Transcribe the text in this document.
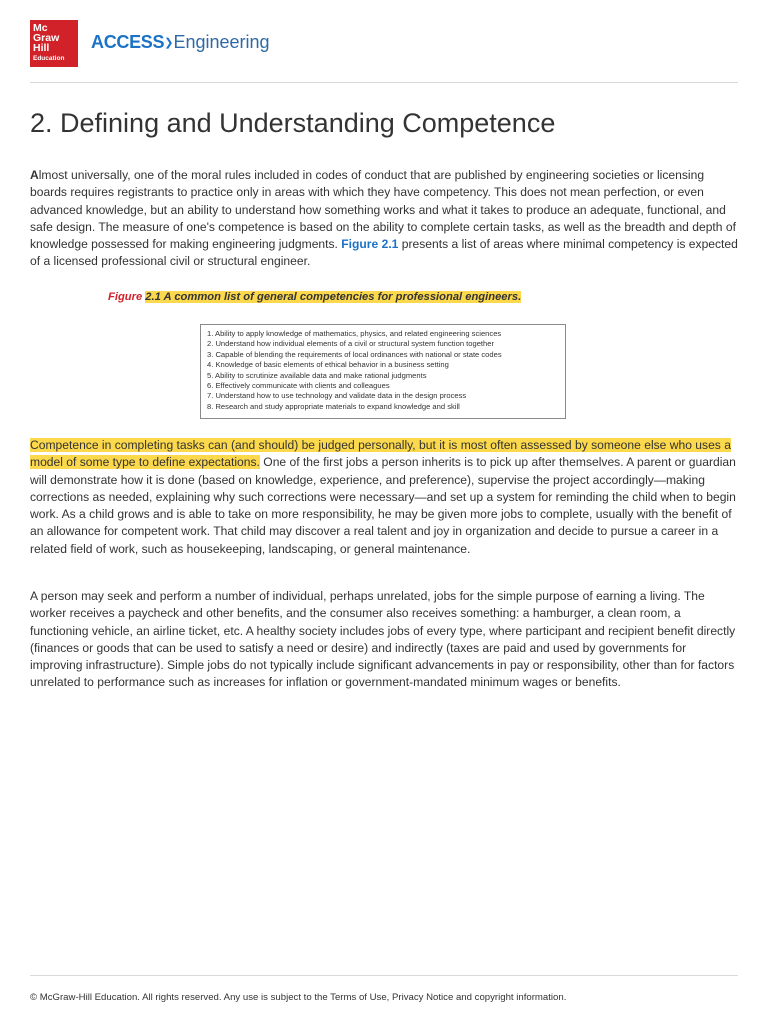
Mc
Graw
Hill
Education
ACCESS❯Engineering
2. Defining and Understanding Competence

Almost universally, one of the moral rules included in codes of conduct that are published by engineering societies or licensing boards requires registrants to practice only in areas with which they have competency. This does not mean perfection, or even advanced knowledge, but an ability to understand how something works and what it takes to produce an adequate, functional, and safe design. The measure of one's competence is based on the ability to complete certain tasks, as well as the breadth and depth of knowledge possessed for making engineering judgments. Figure 2.1 presents a list of areas where minimal competency is expected of a licensed professional civil or structural engineer.

Figure 2.1 A common list of general competencies for professional engineers.

1. Ability to apply knowledge of mathematics, physics, and related engineering sciences
2. Understand how individual elements of a civil or structural system function together
3. Capable of blending the requirements of local ordinances with national or state codes
4. Knowledge of basic elements of ethical behavior in a business setting
5. Ability to scrutinize available data and make rational judgments
6. Effectively communicate with clients and colleagues
7. Understand how to use technology and validate data in the design process
8. Research and study appropriate materials to expand knowledge and skill

Competence in completing tasks can (and should) be judged personally, but it is most often assessed by someone else who uses a model of some type to define expectations. One of the first jobs a person inherits is to pick up after themselves. A parent or guardian will demonstrate how it is done (based on knowledge, experience, and preference), supervise the project accordingly—making corrections as needed, explaining why such corrections were necessary—and set up a system for reminding the child when to begin work. As a child grows and is able to take on more responsibility, he may be given more jobs to complete, usually with the benefit of an allowance for competent work. That child may discover a real talent and joy in organization and decide to pursue a career in a related field of work, such as housekeeping, landscaping, or general maintenance.

A person may seek and perform a number of individual, perhaps unrelated, jobs for the simple purpose of earning a living. The worker receives a paycheck and other benefits, and the consumer also receives something: a hamburger, a clean room, a functioning vehicle, an airline ticket, etc. A healthy society includes jobs of every type, where participant and recipient benefit directly (finances or goods that can be used to satisfy a need or desire) and indirectly (taxes are paid and used by governments for improving infrastructure). Simple jobs do not typically include significant advancements in pay or responsibility, other than for factors unrelated to performance such as increases for inflation or government-mandated minimum wages or benefits.

© McGraw-Hill Education. All rights reserved. Any use is subject to the Terms of Use, Privacy Notice and copyright information.
